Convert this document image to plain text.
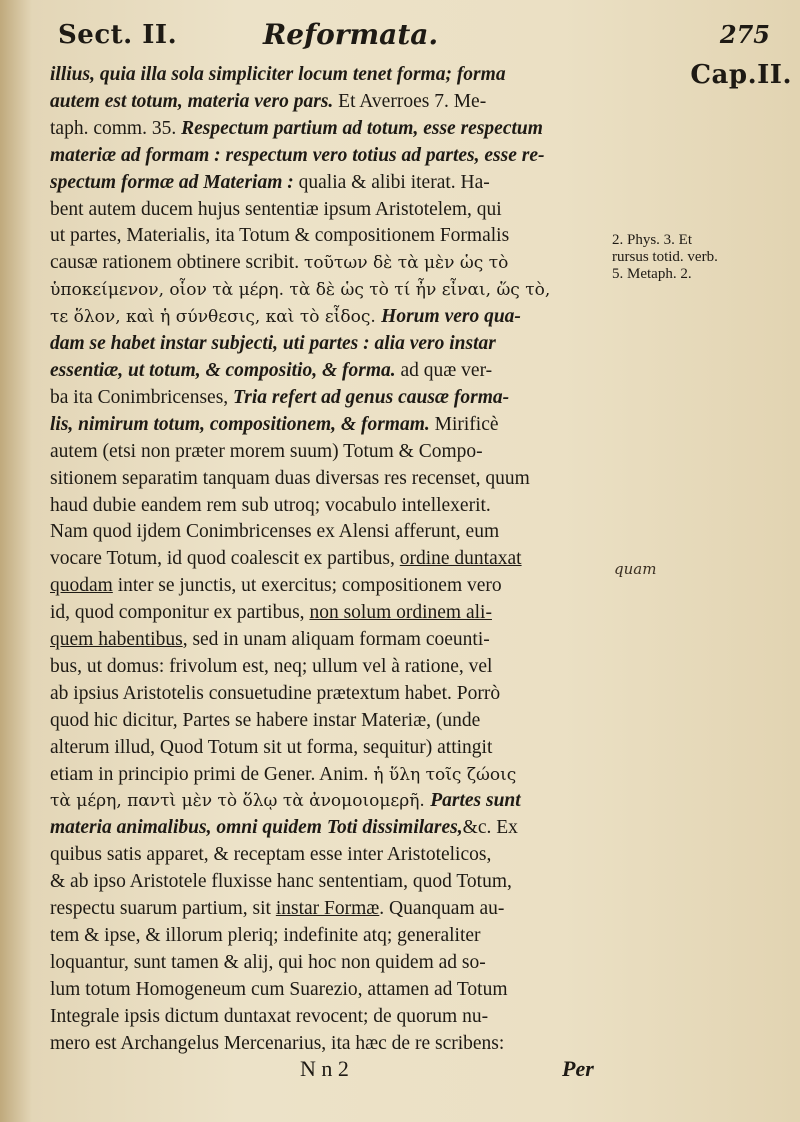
Sect. II.	Reformata.	275
Cap.II.
illius, quia illa sola simpliciter locum tenet forma; forma
autem est totum, materia vero pars. Et Averroes 7. Me-
taph. comm. 35. Respectum partium ad totum, esse respectum
materiæ ad formam : respectum vero totius ad partes, esse re-
spectum formæ ad Materiam : qualia & alibi iterat. Ha-
bent autem ducem hujus sententiæ ipsum Aristotelem, qui
ut partes, Materialis, ita Totum & compositionem Formalis
causæ rationem obtinere scribit. τοῦτων δὲ τὰ μὲν ὡς τὸ
ὑποκείμενον, οἷον τὰ μέρη. τὰ δὲ ὡς τὸ τί ἦν εἶναι, ὥς τὸ,
τε ὅλον, καὶ ἡ σύνθεσις, καὶ τὸ εἶδος. Horum vero qua-
dam se habet instar subjecti, uti partes : alia vero instar
essentiæ, ut totum, & compositio, & forma. ad quæ ver-
ba ita Conimbricenses, Tria refert ad genus causæ forma-
lis, nimirum totum, compositionem, & formam. Mirificè
autem (etsi non præter morem suum) Totum & Compo-
sitionem separatim tanquam duas diversas res recenset, quum
haud dubie eandem rem sub utroq; vocabulo intellexerit.
Nam quod ijdem Conimbricenses ex Alensi afferunt, eum
vocare Totum, id quod coalescit ex partibus, ordine duntaxat
quodam inter se junctis, ut exercitus; compositionem vero
id, quod componitur ex partibus, non solum ordinem ali-
quem habentibus, sed in unam aliquam formam coeunti-
bus, ut domus: frivolum est, neq; ullum vel à ratione, vel
ab ipsius Aristotelis consuetudine prætextum habet. Porrò
quod hic dicitur, Partes se habere instar Materiæ, (unde
alterum illud, Quod Totum sit ut forma, sequitur) attingit
etiam in principio primi de Gener. Anim. ἡ ὕλη τοῖς ζώοις
τὰ μέρη, παντὶ μὲν τὸ ὅλῳ τὰ ἀνομοιομερῆ. Partes sunt
materia animalibus, omni quidem Toti dissimilares,&c. Ex
quibus satis apparet, & receptam esse inter Aristotelicos,
& ab ipso Aristotele fluxisse hanc sententiam, quod Totum,
respectu suarum partium, sit instar Formæ. Quanquam au-
tem & ipse, & illorum pleriq; indefinite atq; generaliter
loquantur, sunt tamen & alij, qui hoc non quidem ad so-
lum totum Homogeneum cum Suarezio, attamen ad Totum
Integrale ipsis dictum duntaxat revocent; de quorum nu-
mero est Archangelus Mercenarius, ita hæc de re scribens:
2. Phys. 3. Et
rursus totid. verb.
5. Metaph. 2.
quam
N n 2	Per
